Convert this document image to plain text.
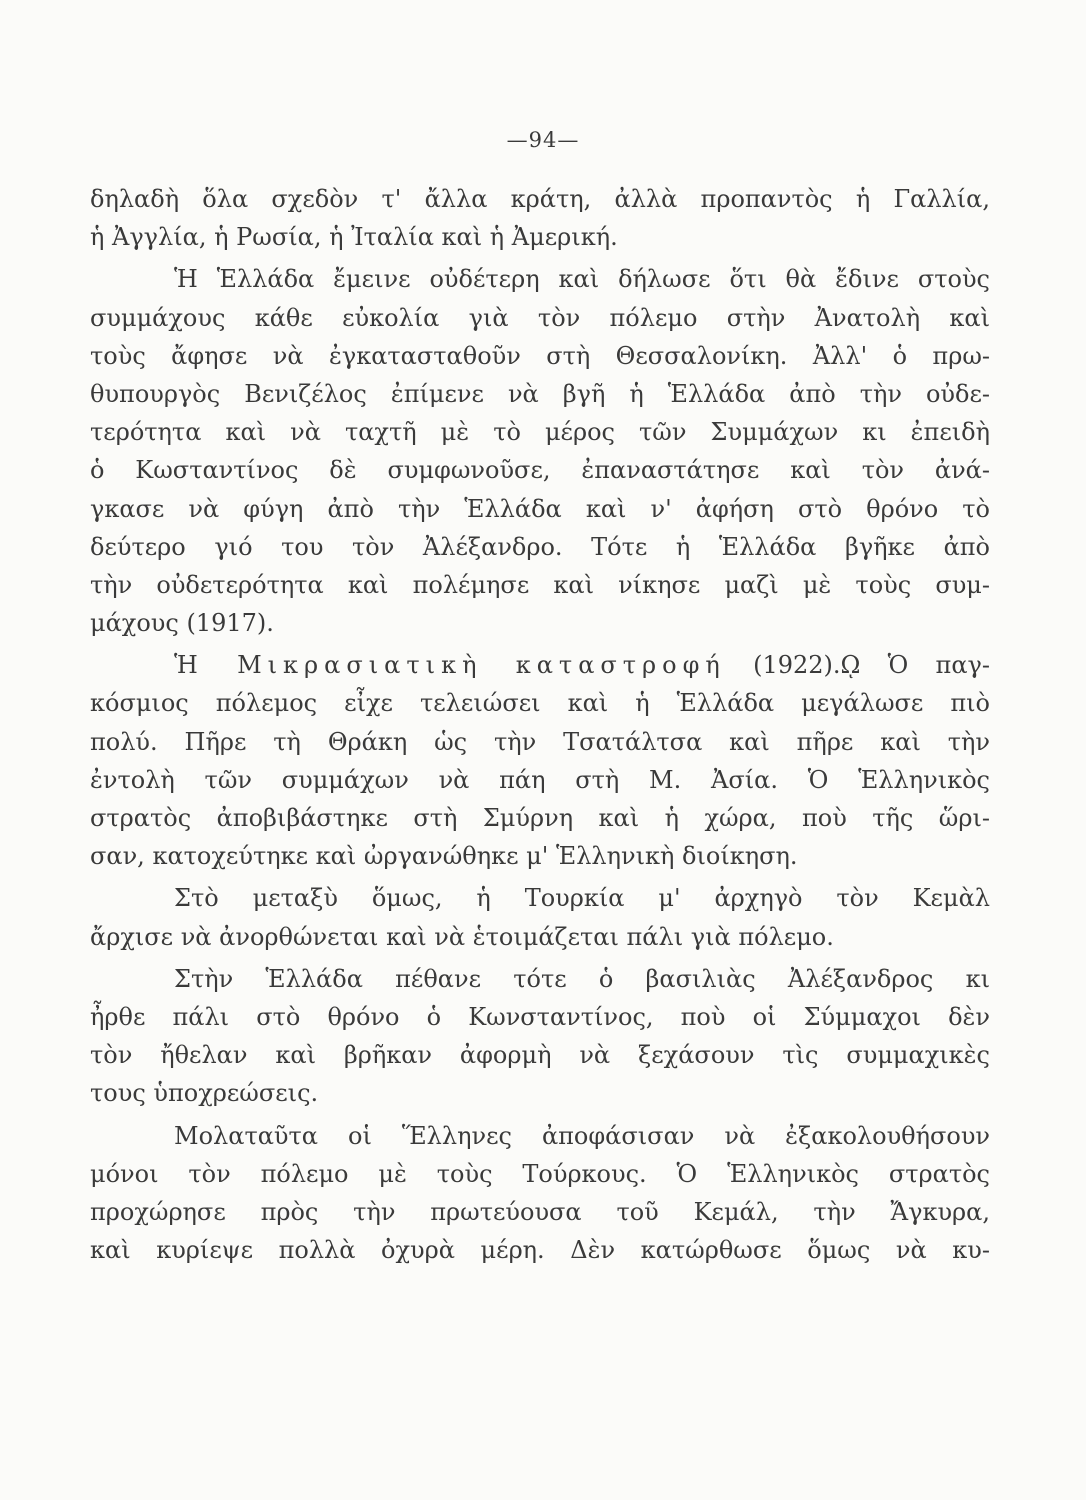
—94—
δηλαδὴ ὅλα σχεδὸν τ' ἄλλα κράτη, ἀλλὰ προπαντὸς ἡ Γαλλία,
ἡ Ἀγγλία, ἡ Ρωσία, ἡ Ἰταλία καὶ ἡ Ἀμερική.
Ἡ Ἑλλάδα ἔμεινε οὐδέτερη καὶ δήλωσε ὅτι θὰ ἔδινε στοὺς
συμμάχους κάθε εὐκολία γιὰ τὸν πόλεμο στὴν Ἀνατολὴ καὶ
τοὺς ἄφησε νὰ ἐγκατασταθοῦν στὴ Θεσσαλονίκη. Ἀλλ' ὁ πρω-
θυπουργὸς Βενιζέλος ἐπίμενε νὰ βγῆ ἡ Ἑλλάδα ἀπὸ τὴν οὐδε-
τερότητα καὶ νὰ ταχτῆ μὲ τὸ μέρος τῶν Συμμάχων κι ἐπειδὴ
ὁ Κωσταντίνος δὲ συμφωνοῦσε, ἐπαναστάτησε καὶ τὸν ἀνά-
γκασε νὰ φύγη ἀπὸ τὴν Ἑλλάδα καὶ ν' ἀφήση στὸ θρόνο τὸ
δεύτερο γιό του τὸν Ἀλέξανδρο. Τότε ἡ Ἑλλάδα βγῆκε ἀπὸ
τὴν οὐδετερότητα καὶ πολέμησε καὶ νίκησε μαζὶ μὲ τοὺς συμ-
μάχους (1917).
Ἡ Μικρασιατικὴ καταστροφή (1922).ῼ Ὁ παγ-
κόσμιος πόλεμος εἶχε τελειώσει καὶ ἡ Ἑλλάδα μεγάλωσε πιὸ
πολύ. Πῆρε τὴ Θράκη ὡς τὴν Τσατάλτσα καὶ πῆρε καὶ τὴν
ἐντολὴ τῶν συμμάχων νὰ πάη στὴ Μ. Ἀσία. Ὁ Ἑλληνικὸς
στρατὸς ἀποβιβάστηκε στὴ Σμύρνη καὶ ἡ χώρα, ποὺ τῆς ὥρι-
σαν, κατοχεύτηκε καὶ ὠργανώθηκε μ' Ἑλληνικὴ διοίκηση.
Στὸ μεταξὺ ὅμως, ἡ Τουρκία μ' ἀρχηγὸ τὸν Κεμὰλ
ἄρχισε νὰ ἀνορθώνεται καὶ νὰ ἑτοιμάζεται πάλι γιὰ πόλεμο.
Στὴν Ἑλλάδα πέθανε τότε ὁ βασιλιὰς Ἀλέξανδρος κι
ἦρθε πάλι στὸ θρόνο ὁ Κωνσταντίνος, ποὺ οἱ Σύμμαχοι δὲν
τὸν ἤθελαν καὶ βρῆκαν ἀφορμὴ νὰ ξεχάσουν τὶς συμμαχικὲς
τους ὑποχρεώσεις.
Μολαταῦτα οἱ Ἕλληνες ἀποφάσισαν νὰ ἐξακολουθήσουν
μόνοι τὸν πόλεμο μὲ τοὺς Τούρκους. Ὁ Ἑλληνικὸς στρατὸς
προχώρησε πρὸς τὴν πρωτεύουσα τοῦ Κεμάλ, τὴν Ἄγκυρα,
καὶ κυρίεψε πολλὰ ὀχυρὰ μέρη. Δὲν κατώρθωσε ὅμως νὰ κυ-
